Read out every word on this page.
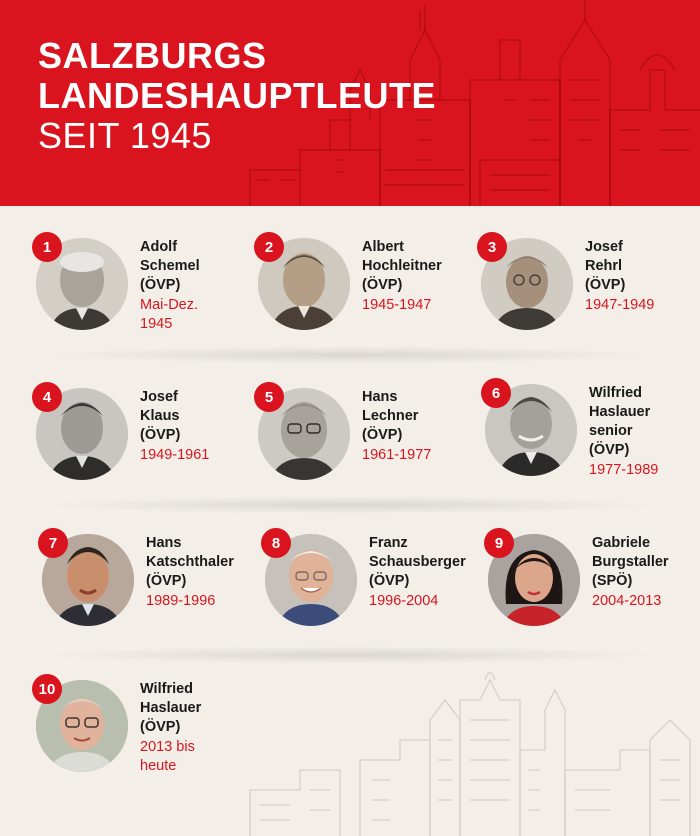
SALZBURGS
LANDESHAUPTLEUTE
SEIT 1945
1	Adolf
Schemel
(ÖVP)
Mai-Dez.
1945
2	Albert
Hochleitner
(ÖVP)
1945-1947
3	Josef
Rehrl
(ÖVP)
1947-1949
4	Josef
Klaus
(ÖVP)
1949-1961
5	Hans
Lechner
(ÖVP)
1961-1977
6	Wilfried
Haslauer
senior
(ÖVP)
1977-1989
7	Hans
Katschthaler
(ÖVP)
1989-1996
8	Franz
Schausberger
(ÖVP)
1996-2004
9	Gabriele
Burgstaller
(SPÖ)
2004-2013
10	Wilfried
Haslauer
(ÖVP)
2013 bis
heute
